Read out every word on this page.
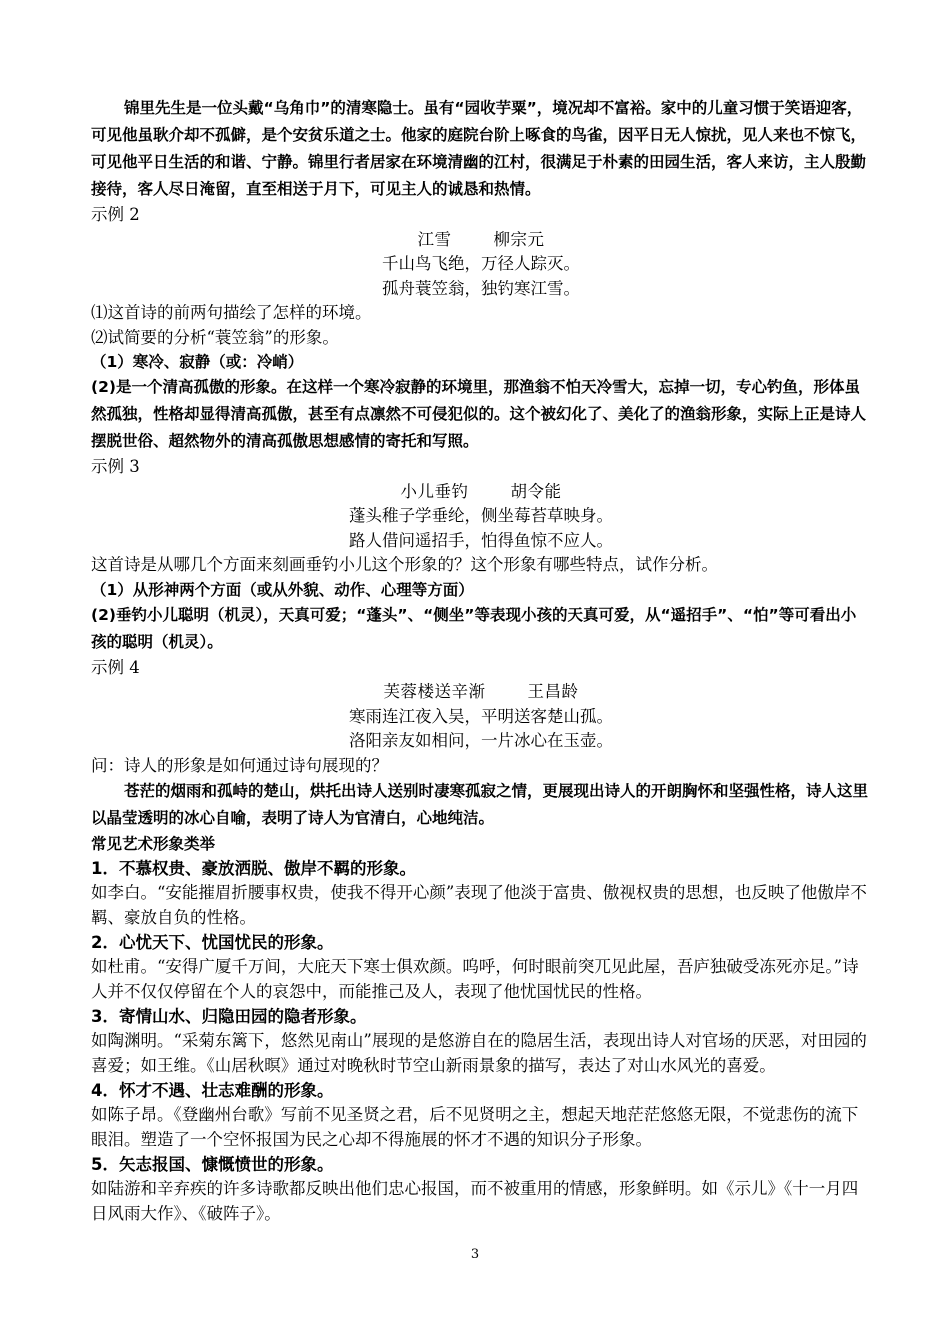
锦里先生是一位头戴“乌角巾”的清寒隐士。虽有“园收芋粟”，境况却不富裕。家中的儿童习惯于笑语迎客，可见他虽耿介却不孤僻，是个安贫乐道之士。他家的庭院台阶上啄食的鸟雀，因平日无人惊扰，见人来也不惊飞，可见他平日生活的和谐、宁静。锦里行者居家在环境清幽的江村，很满足于朴素的田园生活，客人来访，主人殷勤接待，客人尽日淹留，直至相送于月下，可见主人的诚恳和热情。

示例 2

江雪	柳宗元

千山鸟飞绝，万径人踪灭。

孤舟蓑笠翁，独钓寒江雪。

⑴这首诗的前两句描绘了怎样的环境。

⑵试简要的分析“蓑笠翁”的形象。

（1）寒冷、寂静（或：冷峭）

(2)是一个清高孤傲的形象。在这样一个寒冷寂静的环境里，那渔翁不怕天冷雪大，忘掉一切，专心钓鱼，形体虽然孤独，性格却显得清高孤傲，甚至有点凛然不可侵犯似的。这个被幻化了、美化了的渔翁形象，实际上正是诗人摆脱世俗、超然物外的清高孤傲思想感情的寄托和写照。

示例 3

小儿垂钓	胡令能

蓬头稚子学垂纶，侧坐莓苔草映身。

路人借问遥招手，怕得鱼惊不应人。

这首诗是从哪几个方面来刻画垂钓小儿这个形象的？这个形象有哪些特点，试作分析。

（1）从形神两个方面（或从外貌、动作、心理等方面）

(2)垂钓小儿聪明（机灵），天真可爱；“蓬头”、“侧坐”等表现小孩的天真可爱，从“遥招手”、“怕”等可看出小孩的聪明（机灵）。

示例 4

芙蓉楼送辛渐	王昌龄

寒雨连江夜入吴，平明送客楚山孤。

洛阳亲友如相问，一片冰心在玉壶。

问：诗人的形象是如何通过诗句展现的？

苍茫的烟雨和孤峙的楚山，烘托出诗人送别时凄寒孤寂之情，更展现出诗人的开朗胸怀和坚强性格，诗人这里以晶莹透明的冰心自喻，表明了诗人为官清白，心地纯洁。

常见艺术形象类举

1．不慕权贵、豪放洒脱、傲岸不羁的形象。

如李白。“安能摧眉折腰事权贵，使我不得开心颜”表现了他淡于富贵、傲视权贵的思想，也反映了他傲岸不羁、豪放自负的性格。

2．心忧天下、忧国忧民的形象。

如杜甫。“安得广厦千万间，大庇天下寒士俱欢颜。呜呼，何时眼前突兀见此屋，吾庐独破受冻死亦足。”诗人并不仅仅停留在个人的哀怨中，而能推己及人，表现了他忧国忧民的性格。

3．寄情山水、归隐田园的隐者形象。

如陶渊明。“采菊东篱下，悠然见南山”展现的是悠游自在的隐居生活，表现出诗人对官场的厌恶，对田园的喜爱；如王维。《山居秋暝》通过对晚秋时节空山新雨景象的描写，表达了对山水风光的喜爱。

4．怀才不遇、壮志难酬的形象。

如陈子昂。《登幽州台歌》写前不见圣贤之君，后不见贤明之主，想起天地茫茫悠悠无限，不觉悲伤的流下眼泪。塑造了一个空怀报国为民之心却不得施展的怀才不遇的知识分子形象。

5．矢志报国、慷慨愤世的形象。

如陆游和辛弃疾的许多诗歌都反映出他们忠心报国，而不被重用的情感，形象鲜明。如《示儿》《十一月四日风雨大作》、《破阵子》。

3
